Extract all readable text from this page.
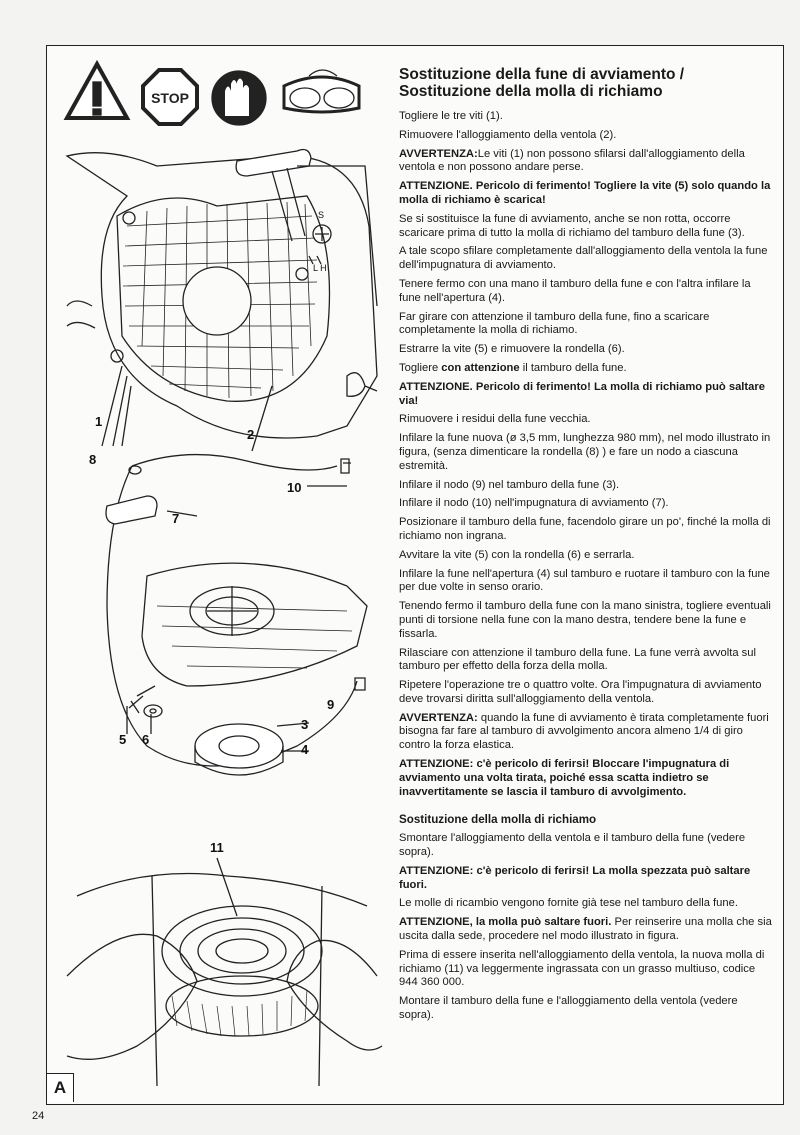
STOP
S
L H
1
2
8
10
7
9
3
4
5 6
11
Sostituzione della fune di avviamento /
Sostituzione della molla di richiamo

Togliere le tre viti (1).

Rimuovere l'alloggiamento della ventola (2).

AVVERTENZA:Le viti (1) non possono sfilarsi dall'alloggiamento della ventola e non possono andare perse.

ATTENZIONE. Pericolo di ferimento! Togliere la vite (5) solo quando la molla di richiamo è scarica!

Se si sostituisce la fune di avviamento, anche se non rotta, occorre scaricare prima di tutto la molla di richiamo del tamburo della fune (3).

A tale scopo sfilare completamente dall'alloggiamento della ventola la fune dell'impugnatura di avviamento.

Tenere fermo con una mano il tamburo della fune e con l'altra infilare la fune nell'apertura (4).

Far girare con attenzione il tamburo della fune, fino a scaricare completamente la molla di richiamo.

Estrarre la vite (5) e rimuovere la rondella (6).

Togliere con attenzione il tamburo della fune.

ATTENZIONE. Pericolo di ferimento! La molla di richiamo può saltare via!

Rimuovere i residui della fune vecchia.

Infilare la fune nuova (ø 3,5 mm, lunghezza 980 mm), nel modo illustrato in figura, (senza dimenticare la rondella (8) ) e fare un nodo a ciascuna estremità.

Infilare il nodo (9) nel tamburo della fune (3).

Infilare il nodo (10) nell'impugnatura di avviamento (7).

Posizionare il tamburo della fune, facendolo girare un po', finché la molla di richiamo non ingrana.

Avvitare la vite (5) con la rondella (6) e serrarla.

Infilare la fune nell'apertura (4) sul tamburo e ruotare il tamburo con la fune per due volte in senso orario.

Tenendo fermo il tamburo della fune con la mano sinistra, togliere eventuali punti di torsione nella fune con la mano destra, tendere bene la fune e fissarla.

Rilasciare con attenzione il tamburo della fune. La fune verrà avvolta sul tamburo per effetto della forza della molla.

Ripetere l'operazione tre o quattro volte. Ora l'impugnatura di avviamento deve trovarsi diritta sull'alloggiamento della ventola.

AVVERTENZA: quando la fune di avviamento è tirata completamente fuori bisogna far fare al tamburo di avvolgimento ancora almeno 1/4 di giro contro la forza elastica.

ATTENZIONE: c'è pericolo di ferirsi! Bloccare l'impugnatura di avviamento una volta tirata, poiché essa scatta indietro se inavvertitamente se lascia il tamburo di avvolgimento.

Sostituzione della molla di richiamo

Smontare l'alloggiamento della ventola e il tamburo della fune (vedere sopra).

ATTENZIONE: c'è pericolo di ferirsi! La molla spezzata può saltare fuori.

Le molle di ricambio vengono fornite già tese nel tamburo della fune.

ATTENZIONE, la molla può saltare fuori. Per reinserire una molla che sia uscita dalla sede, procedere nel modo illustrato in figura.

Prima di essere inserita nell'alloggiamento della ventola, la nuova molla di richiamo (11) va leggermente ingrassata con un grasso multiuso, codice 944 360 000.

Montare il tamburo della fune e l'alloggiamento della ventola (vedere sopra).

A
24
